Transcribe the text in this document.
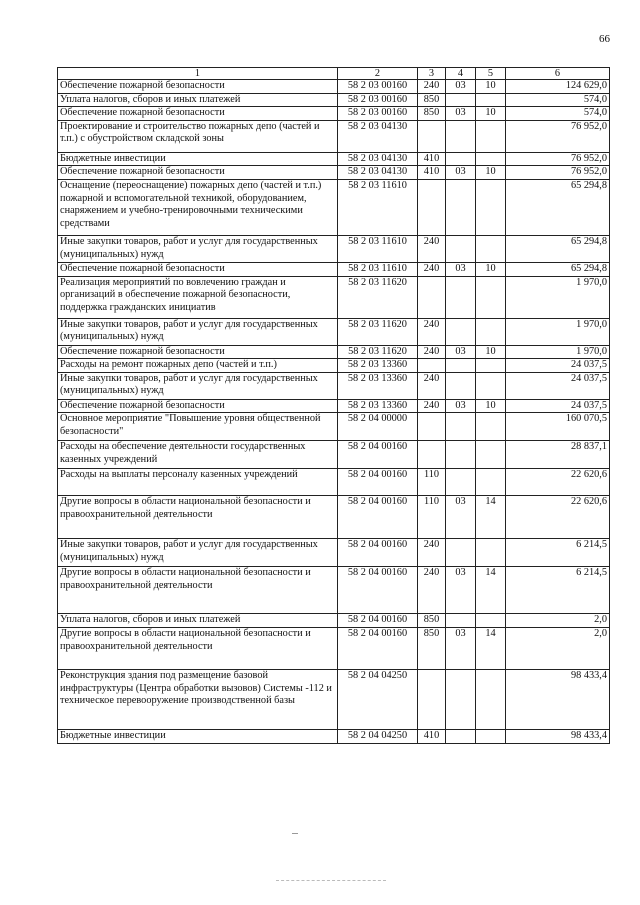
66
1	2	3	4	5	6
Обеспечение пожарной безопасности	58 2 03 00160	240	03	10	124 629,0
Уплата налогов, сборов и иных платежей	58 2 03 00160	850			574,0
Обеспечение пожарной безопасности	58 2 03 00160	850	03	10	574,0
Проектирование и строительство пожарных депо (частей и т.п.) с обустройством складской зоны	58 2 03 04130				76 952,0
Бюджетные инвестиции	58 2 03 04130	410			76 952,0
Обеспечение пожарной безопасности	58 2 03 04130	410	03	10	76 952,0
Оснащение (переоснащение) пожарных депо (частей и т.п.) пожарной и вспомогательной техникой, оборудованием, снаряжением и учебно-тренировочными техническими средствами	58 2 03 11610				65 294,8
Иные закупки товаров, работ и услуг для государственных (муниципальных) нужд	58 2 03 11610	240			65 294,8
Обеспечение пожарной безопасности	58 2 03 11610	240	03	10	65 294,8
Реализация мероприятий по вовлечению граждан и организаций в обеспечение пожарной безопасности, поддержка гражданских инициатив	58 2 03 11620				1 970,0
Иные закупки товаров, работ и услуг для государственных (муниципальных) нужд	58 2 03 11620	240			1 970,0
Обеспечение пожарной безопасности	58 2 03 11620	240	03	10	1 970,0
Расходы на ремонт пожарных депо (частей и т.п.)	58 2 03 13360				24 037,5
Иные закупки товаров, работ и услуг для государственных (муниципальных) нужд	58 2 03 13360	240			24 037,5
Обеспечение пожарной безопасности	58 2 03 13360	240	03	10	24 037,5
Основное мероприятие "Повышение уровня общественной безопасности"	58 2 04 00000				160 070,5
Расходы на обеспечение деятельности государственных казенных учреждений	58 2 04 00160				28 837,1
Расходы на выплаты персоналу казенных учреждений	58 2 04 00160	110			22 620,6
Другие вопросы в области национальной безопасности и правоохранительной деятельности	58 2 04 00160	110	03	14	22 620,6
Иные закупки товаров, работ и услуг для государственных (муниципальных) нужд	58 2 04 00160	240			6 214,5
Другие вопросы в области национальной безопасности и правоохранительной деятельности	58 2 04 00160	240	03	14	6 214,5
Уплата налогов, сборов и иных платежей	58 2 04 00160	850			2,0
Другие вопросы в области национальной безопасности и правоохранительной деятельности	58 2 04 00160	850	03	14	2,0
Реконструкция здания под размещение базовой инфраструктуры (Центра обработки вызовов) Системы -112 и техническое перевооружение производственной базы	58 2 04 04250				98 433,4
Бюджетные инвестиции	58 2 04 04250	410			98 433,4
